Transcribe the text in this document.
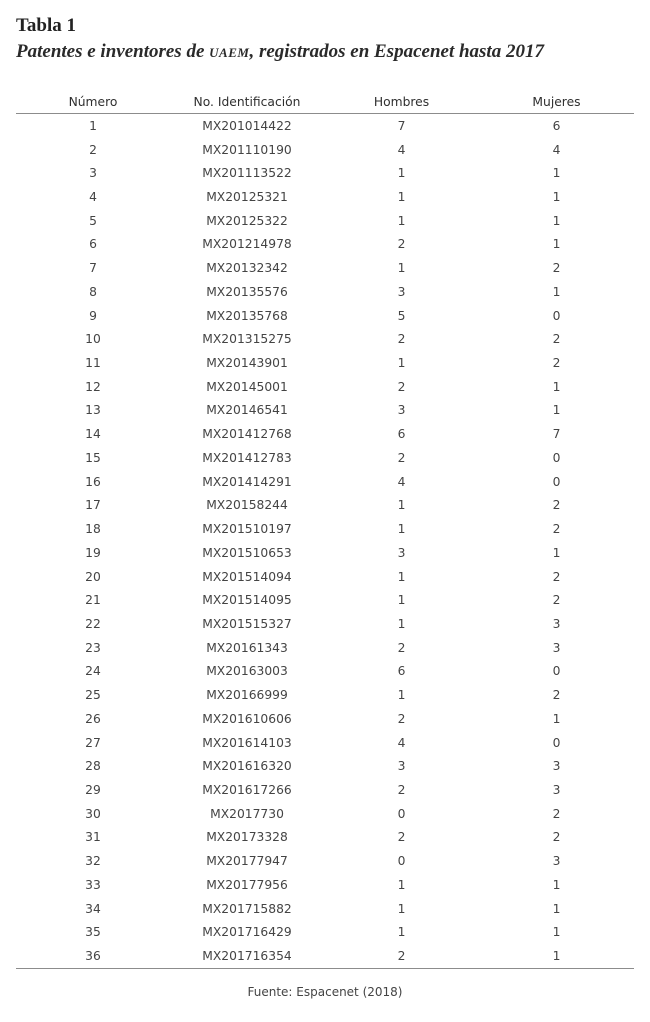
Tabla 1
Patentes e inventores de uaem, registrados en Espacenet hasta 2017
Número	No. Identificación	Hombres	Mujeres
1	MX201014422	7	6
2	MX201110190	4	4
3	MX201113522	1	1
4	MX20125321	1	1
5	MX20125322	1	1
6	MX201214978	2	1
7	MX20132342	1	2
8	MX20135576	3	1
9	MX20135768	5	0
10	MX201315275	2	2
11	MX20143901	1	2
12	MX20145001	2	1
13	MX20146541	3	1
14	MX201412768	6	7
15	MX201412783	2	0
16	MX201414291	4	0
17	MX20158244	1	2
18	MX201510197	1	2
19	MX201510653	3	1
20	MX201514094	1	2
21	MX201514095	1	2
22	MX201515327	1	3
23	MX20161343	2	3
24	MX20163003	6	0
25	MX20166999	1	2
26	MX201610606	2	1
27	MX201614103	4	0
28	MX201616320	3	3
29	MX201617266	2	3
30	MX2017730	0	2
31	MX20173328	2	2
32	MX20177947	0	3
33	MX20177956	1	1
34	MX201715882	1	1
35	MX201716429	1	1
36	MX201716354	2	1
Fuente: Espacenet (2018)
